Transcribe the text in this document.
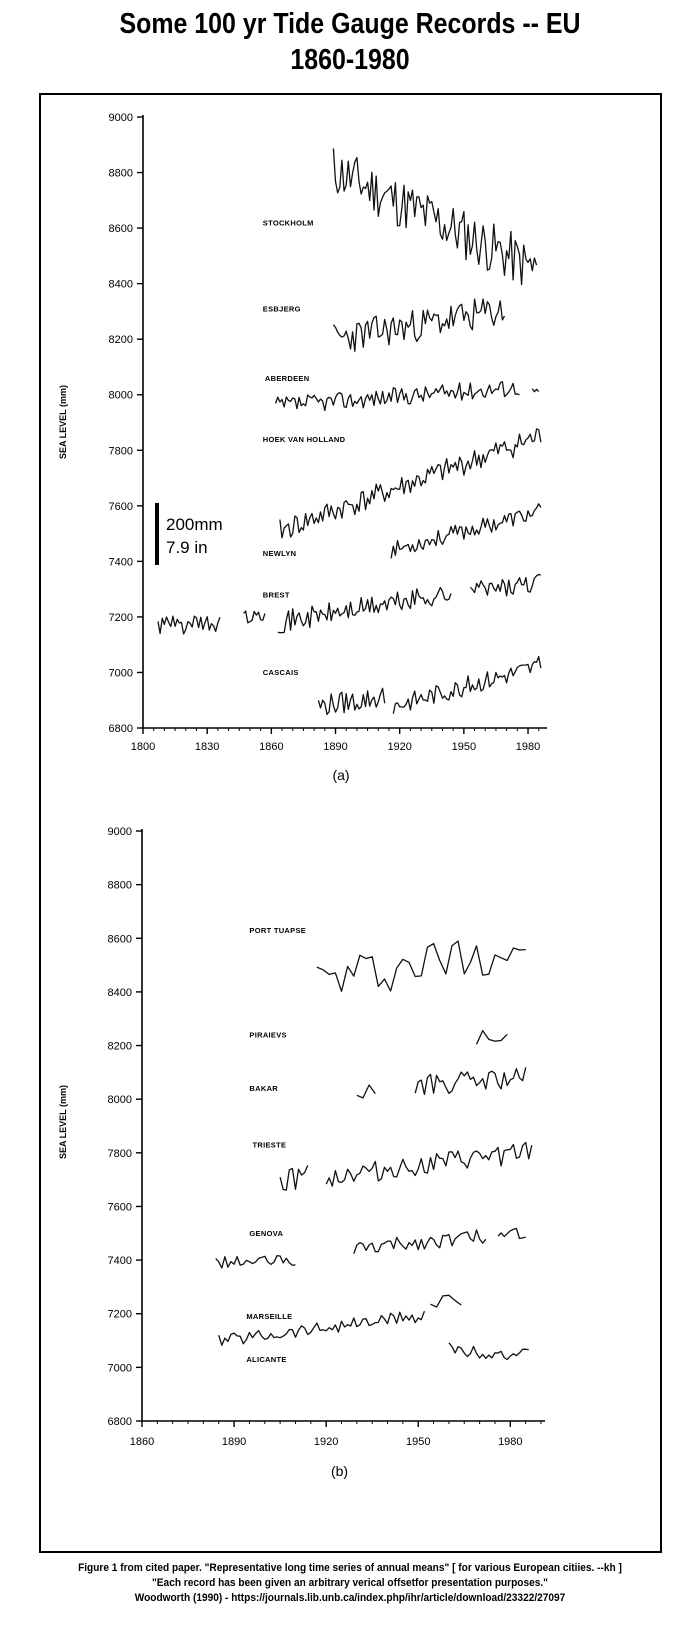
Some 100 yr Tide Gauge Records -- EU
1860-1980
200mm
7.9 in
6800
7000
7200
7400
7600
7800
8000
8200
8400
8600
8800
9000
1800	1830	1860	1890	1920	1950	1980
SEA LEVEL (mm)
(a)
STOCKHOLM
ESBJERG
ABERDEEN
HOEK VAN HOLLAND
NEWLYN
BREST
CASCAIS
6800
7000
7200
7400
7600
7800
8000
8200
8400
8600
8800
9000
1860	1890	1920	1950	1980
SEA LEVEL (mm)
(b)
PORT TUAPSE
PIRAIEVS
BAKAR
TRIESTE
GENOVA
MARSEILLE
ALICANTE
Figure 1 from cited paper. "Representative long time series of annual means" [ for various European citiies. --kh ]
"Each record has been given an arbitrary verical offsetfor presentation purposes."
Woodworth (1990) - https://journals.lib.unb.ca/index.php/ihr/article/download/23322/27097
